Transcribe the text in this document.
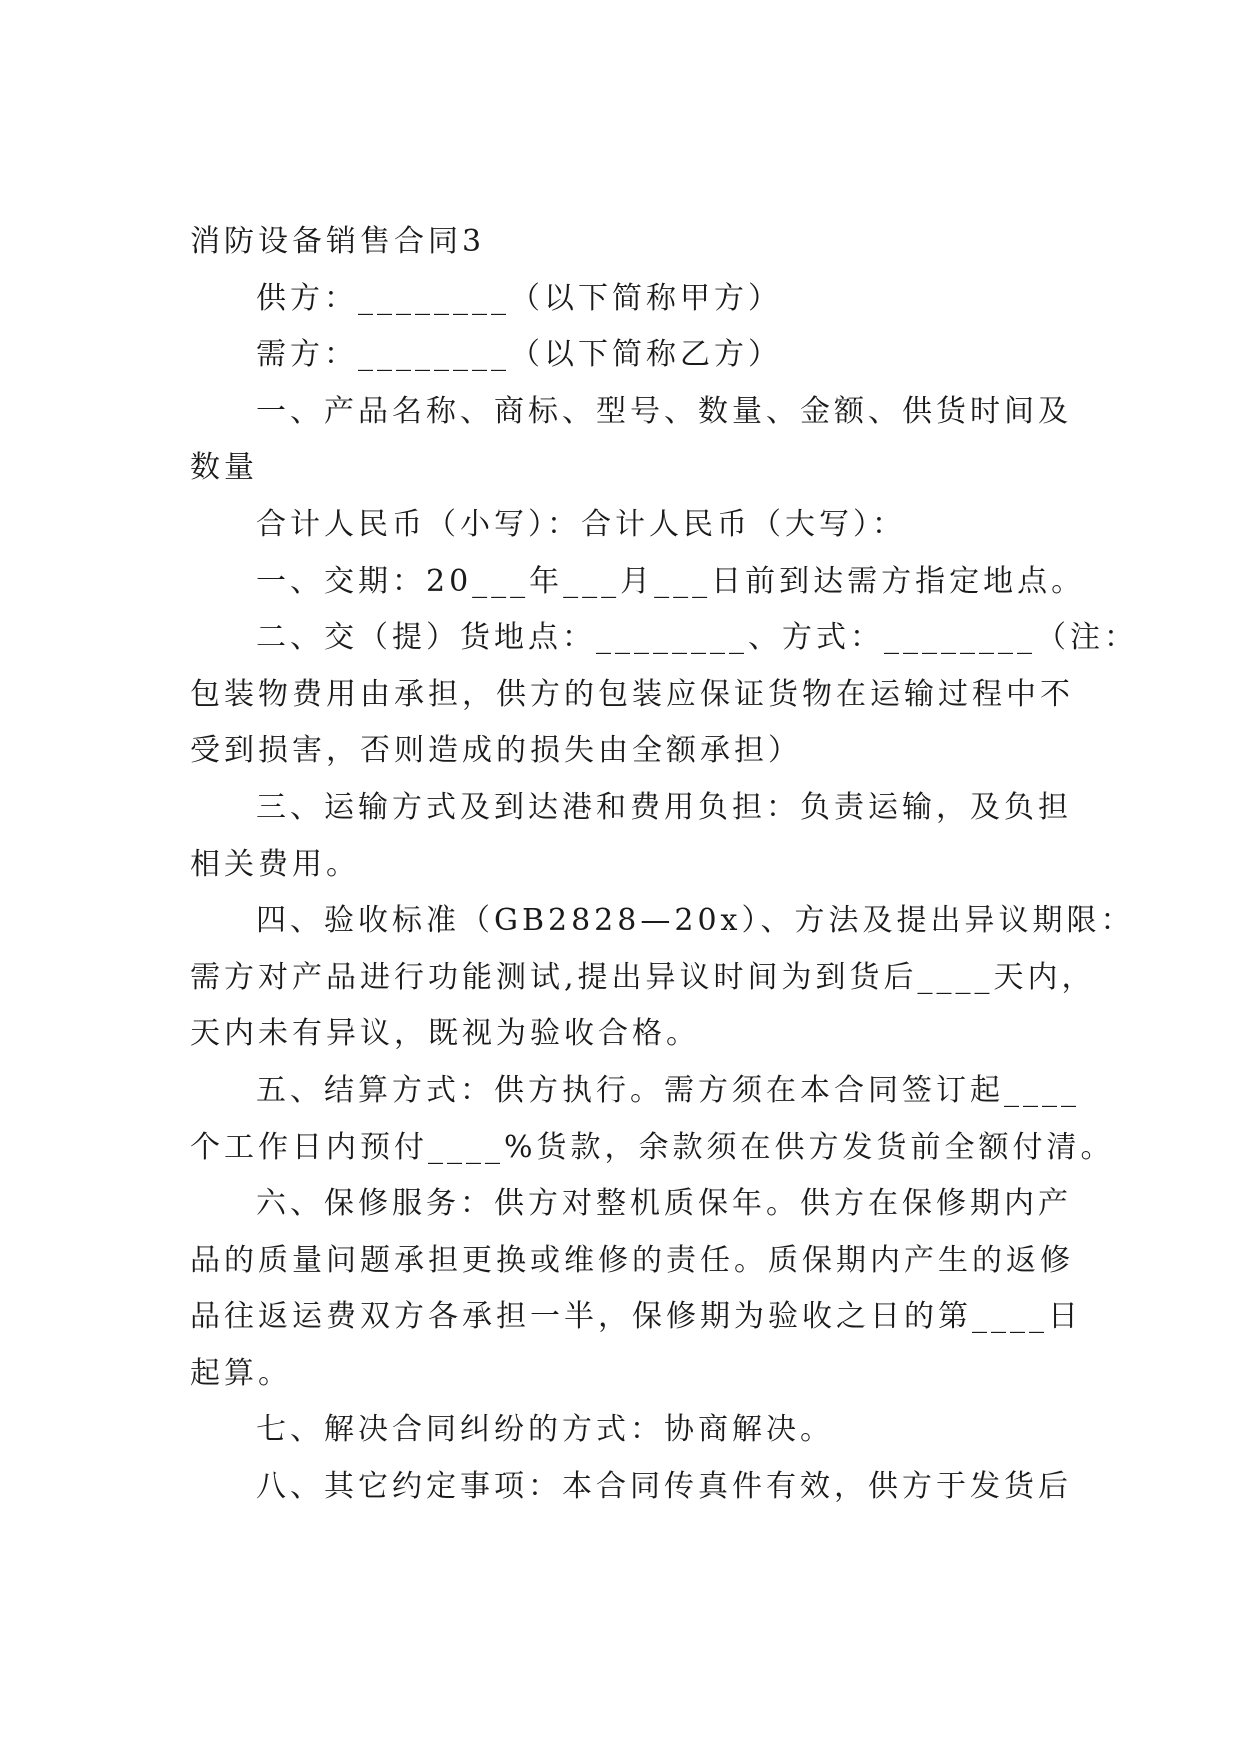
消防设备销售合同3
供方：________（以下简称甲方）
需方：________（以下简称乙方）
一、产品名称、商标、型号、数量、金额、供货时间及
数量
合计人民币（小写）：合计人民币（大写）：
一、交期：20___年___月___日前到达需方指定地点。
二、交（提）货地点：________、方式：________（注：
包装物费用由承担，供方的包装应保证货物在运输过程中不
受到损害，否则造成的损失由全额承担）
三、运输方式及到达港和费用负担：负责运输，及负担
相关费用。
四、验收标准（GB2828—20x）、方法及提出异议期限：
需方对产品进行功能测试,提出异议时间为到货后____天内，
天内未有异议，既视为验收合格。
五、结算方式：供方执行。需方须在本合同签订起____
个工作日内预付____%货款，余款须在供方发货前全额付清。
六、保修服务：供方对整机质保年。供方在保修期内产
品的质量问题承担更换或维修的责任。质保期内产生的返修
品往返运费双方各承担一半，保修期为验收之日的第____日
起算。
七、解决合同纠纷的方式：协商解决。
八、其它约定事项：本合同传真件有效，供方于发货后
